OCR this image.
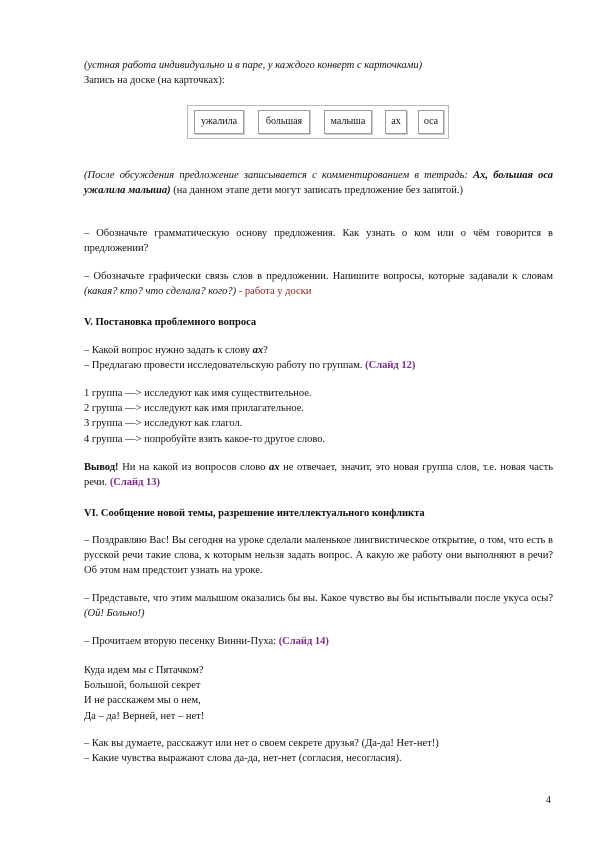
(устная работа индивидуально и в паре, у каждого конверт с карточками)

Запись на доске (на карточках):

ужалила	большая	малыша	ах	оса

(После обсуждения предложение записывается с комментированием в тетрадь: Ах, большая оса ужалила малыша) (на данном этапе дети могут записать предложение без запятой.)

– Обозначьте грамматическую основу предложения. Как узнать о ком или о чём говорится в предложении?

– Обозначьте графически связь слов в предложении. Напишите вопросы, которые задавали к словам (какая? кто? что сделала? кого?) - работа у доски

V. Постановка проблемного вопроса

– Какой вопрос нужно задать к слову ах?
– Предлагаю провести исследовательскую работу по группам. (Слайд 12)

1 группа —> исследуют как имя существительное.
2 группа —> исследуют как имя прилагательное.
3 группа —> исследуют как глагол.
4 группа —> попробуйте взять какое-то другое слово.

Вывод! Ни на какой из вопросов слово ах не отвечает, значит, это новая группа слов, т.е. новая часть речи. (Слайд 13)

VI. Сообщение новой темы, разрешение интеллектуального конфликта

– Поздравляю Вас! Вы сегодня на уроке сделали маленькое лингвистическое открытие, о том, что есть в русской речи такие слова, к которым нельзя задать вопрос. А какую же работу они выполняют в речи? Об этом нам предстоит узнать на уроке.

– Представьте, что этим малышом оказались бы вы. Какое чувство вы бы испытывали после укуса осы? (Ой! Больно!)

– Прочитаем вторую песенку Винни-Пуха: (Слайд 14)

Куда идем мы с Пятачком?
Большой, большой секрет
И не расскажем мы о нем,
Да – да! Верней, нет – нет!

– Как вы думаете, расскажут или нет о своем секрете друзья? (Да-да! Нет-нет!)
– Какие чувства выражают слова да-да, нет-нет (согласия, несогласия).

4
